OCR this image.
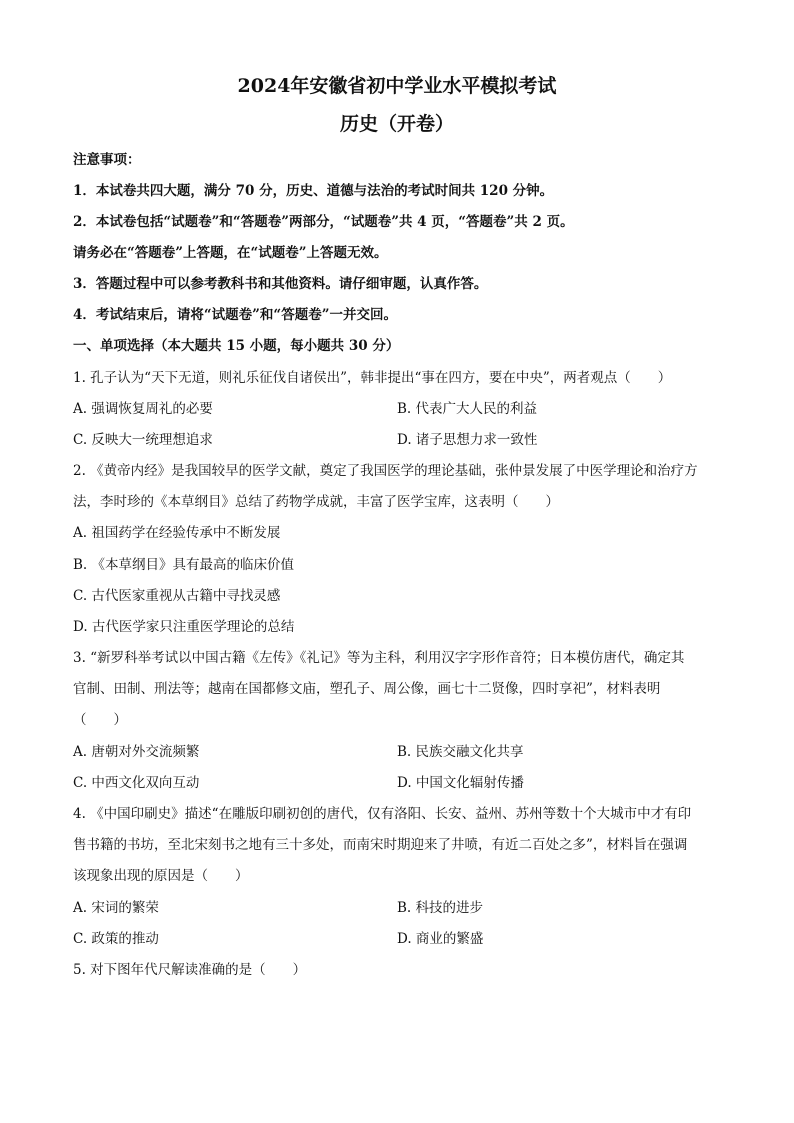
2024年安徽省初中学业水平模拟考试
历史（开卷）
注意事项：
1．本试卷共四大题，满分 70 分，历史、道德与法治的考试时间共 120 分钟。
2．本试卷包括“试题卷”和“答题卷”两部分，“试题卷”共 4 页，“答题卷”共 2 页。
请务必在“答题卷”上答题，在“试题卷”上答题无效。
3．答题过程中可以参考教科书和其他资料。请仔细审题，认真作答。
4．考试结束后，请将“试题卷”和“答题卷”一并交回。
一、单项选择（本大题共 15 小题，每小题共 30 分）
1. 孔子认为“天下无道，则礼乐征伐自诸侯出”，韩非提出“事在四方，要在中央”，两者观点（　　）
A. 强调恢复周礼的必要	B. 代表广大人民的利益
C. 反映大一统理想追求	D. 诸子思想力求一致性
2. 《黄帝内经》是我国较早的医学文献，奠定了我国医学的理论基础，张仲景发展了中医学理论和治疗方
法，李时珍的《本草纲目》总结了药物学成就，丰富了医学宝库，这表明（　　）
A. 祖国药学在经验传承中不断发展
B. 《本草纲目》具有最高的临床价值
C. 古代医家重视从古籍中寻找灵感
D. 古代医学家只注重医学理论的总结
3. “新罗科举考试以中国古籍《左传》《礼记》等为主科，利用汉字字形作音符；日本模仿唐代，确定其
官制、田制、刑法等；越南在国都修文庙，塑孔子、周公像，画七十二贤像，四时享祀”，材料表明
（　　）
A. 唐朝对外交流频繁	B. 民族交融文化共享
C. 中西文化双向互动	D. 中国文化辐射传播
4. 《中国印刷史》描述“在雕版印刷初创的唐代，仅有洛阳、长安、益州、苏州等数十个大城市中才有印
售书籍的书坊，至北宋刻书之地有三十多处，而南宋时期迎来了井喷，有近二百处之多”，材料旨在强调
该现象出现的原因是（　　）
A. 宋词的繁荣	B. 科技的进步
C. 政策的推动	D. 商业的繁盛
5. 对下图年代尺解读准确的是（　　）
